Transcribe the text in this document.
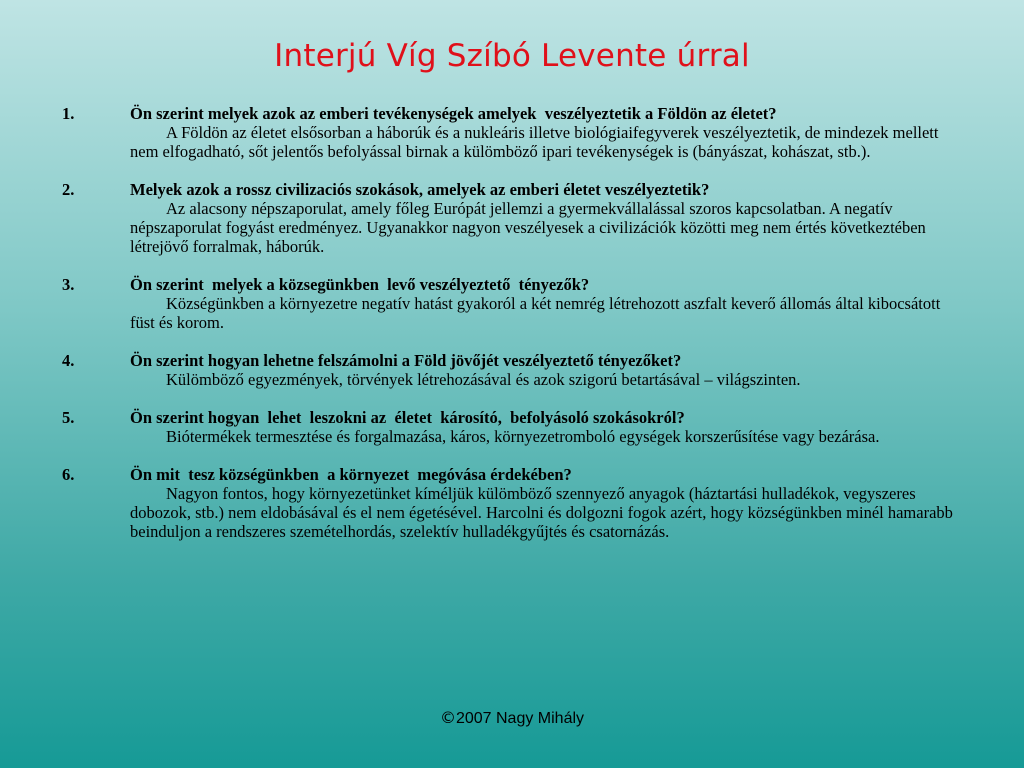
Interjú Víg Szíbó Levente úrral
1.	Ön szerint melyek azok az emberi tevékenységek amelyek  veszélyeztetik a Földön az életet?
A Földön az életet elsősorban a háborúk és a nukleáris illetve biológiaifegyverek veszélyeztetik, de mindezek mellett nem elfogadható, sőt jelentős befolyással birnak a külömböző ipari tevékenységek is (bányászat, kohászat, stb.).
2.	Melyek azok a rossz civilizaciós szokások, amelyek az emberi életet veszélyeztetik?
Az alacsony népszaporulat, amely főleg Európát jellemzi a gyermekvállalással szoros kapcsolatban. A negatív népszaporulat fogyást eredményez. Ugyanakkor nagyon veszélyesek a civilizációk közötti meg nem értés következtében létrejövő forralmak, háborúk.
3.	Ön szerint  melyek a közsegünkben  levő veszélyeztető  tényezők?
Községünkben a környezetre negatív hatást gyakoról a két nemrég létrehozott aszfalt keverő állomás által kibocsátott füst és korom.
4.	Ön szerint hogyan lehetne felszámolni a Föld jövőjét veszélyeztető tényezőket?
Külömböző egyezmények, törvények létrehozásával és azok szigorú betartásával – világszinten.
5.	Ön szerint hogyan  lehet  leszokni az  életet  károsító,  befolyásoló szokásokról?
Biótermékek termesztése és forgalmazása, káros, környezetromboló egységek korszerűsítése vagy bezárása.
6.	Ön mit  tesz községünkben  a környezet  megóvása érdekében?
Nagyon fontos, hogy környezetünket kíméljük külömböző szennyező anyagok (háztartási hulladékok, vegyszeres dobozok, stb.) nem eldobásával és el nem égetésével. Harcolni és dolgozni fogok azért, hogy községünkben minél hamarabb beinduljon a rendszeres szemételhordás, szelektív hulladékgyűjtés és csatornázás.
©2007 Nagy Mihály
